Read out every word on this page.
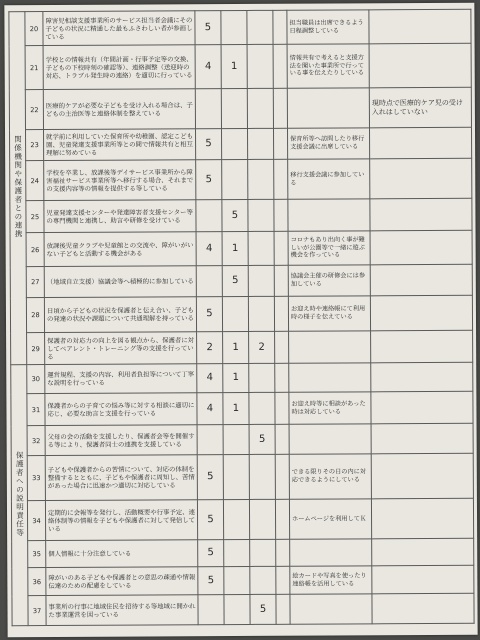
関係機関や保護者との連携	20	障害児相談支援事業所のサービス担当者会議にその子どもの状況に精通した最もふさわしい者が参画している	5				担当職員は出席できるよう日程調整している	
	21	学校との情報共有（年間計画・行事予定等の交換、子どもの下校時刻の確認等）、連絡調整（送迎時の対応、トラブル発生時の連絡）を適切に行っている	4	1			情報共有で考えると支援方法を聞いた事業所で行っている事を伝えたりしている	
	22	医療的ケアが必要な子どもを受け入れる場合は、子どもの主治医等と連絡体制を整えている						現時点で医療的ケア児の受け入れはしていない
	23	就学前に利用していた保育所や幼稚園、認定こども園、児童発達支援事業所等との間で情報共有と相互理解に努めている	5				保育所等へ訪問したり移行支援会議に出席している	
	24	学校を卒業し、放課後等デイサービス事業所から障害福祉サービス事業所等へ移行する場合、それまでの支援内容等の情報を提供する等している	5				移行支援会議に参加している	
	25	児童発達支援センターや発達障害者支援センター等の専門機関と連携し、助言や研修を受けている		5				
	26	放課後児童クラブや児童館との交流や、障がいがいない子どもと活動する機会がある	4	1			コロナもあり出向く事が難しいが公園等で一緒に遊ぶ機会を作っている	
	27	（地域自立支援）協議会等へ積極的に参加している		5			協議会主催の研修会には参加している	
	28	日頃から子どもの状況を保護者と伝え合い、子どもの発達の状況や課題について共通理解を持っている	5				お迎え時や連絡帳にて利用時の様子を伝えている	
	29	保護者の対応力の向上を図る観点から、保護者に対してペアレント・トレーニング等の支援を行っている	2	1	2			
保護者への説明責任等	30	運営規程、支援の内容、利用者負担等について丁寧な説明を行っている	4	1				
	31	保護者からの子育ての悩み等に対する相談に適切に応じ、必要な助言と支援を行っている	4	1			お迎え時等に相談があった時は対応している	
	32	父母の会の活動を支援したり、保護者会等を開催する等により、保護者同士の連携を支援している			5			
	33	子どもや保護者からの苦情について、対応の体制を整備するとともに、子どもや保護者に周知し、苦情があった場合に迅速かつ適切に対応している	5				できる限りその日の内に対応できるようにしている	
	34	定期的に会報等を発行し、活動概要や行事予定、連絡体制等の情報を子どもや保護者に対して発信している	5				ホームページを利用してＫ	
	35	個人情報に十分注意している	5					
	36	障がいのある子どもや保護者との意思の疎通や情報伝達のための配慮をしている	5				絵カードや写真を使ったり連絡帳を活用している	
	37	事業所の行事に地域住民を招待する等地域に開かれた事業運営を図っている			5			
